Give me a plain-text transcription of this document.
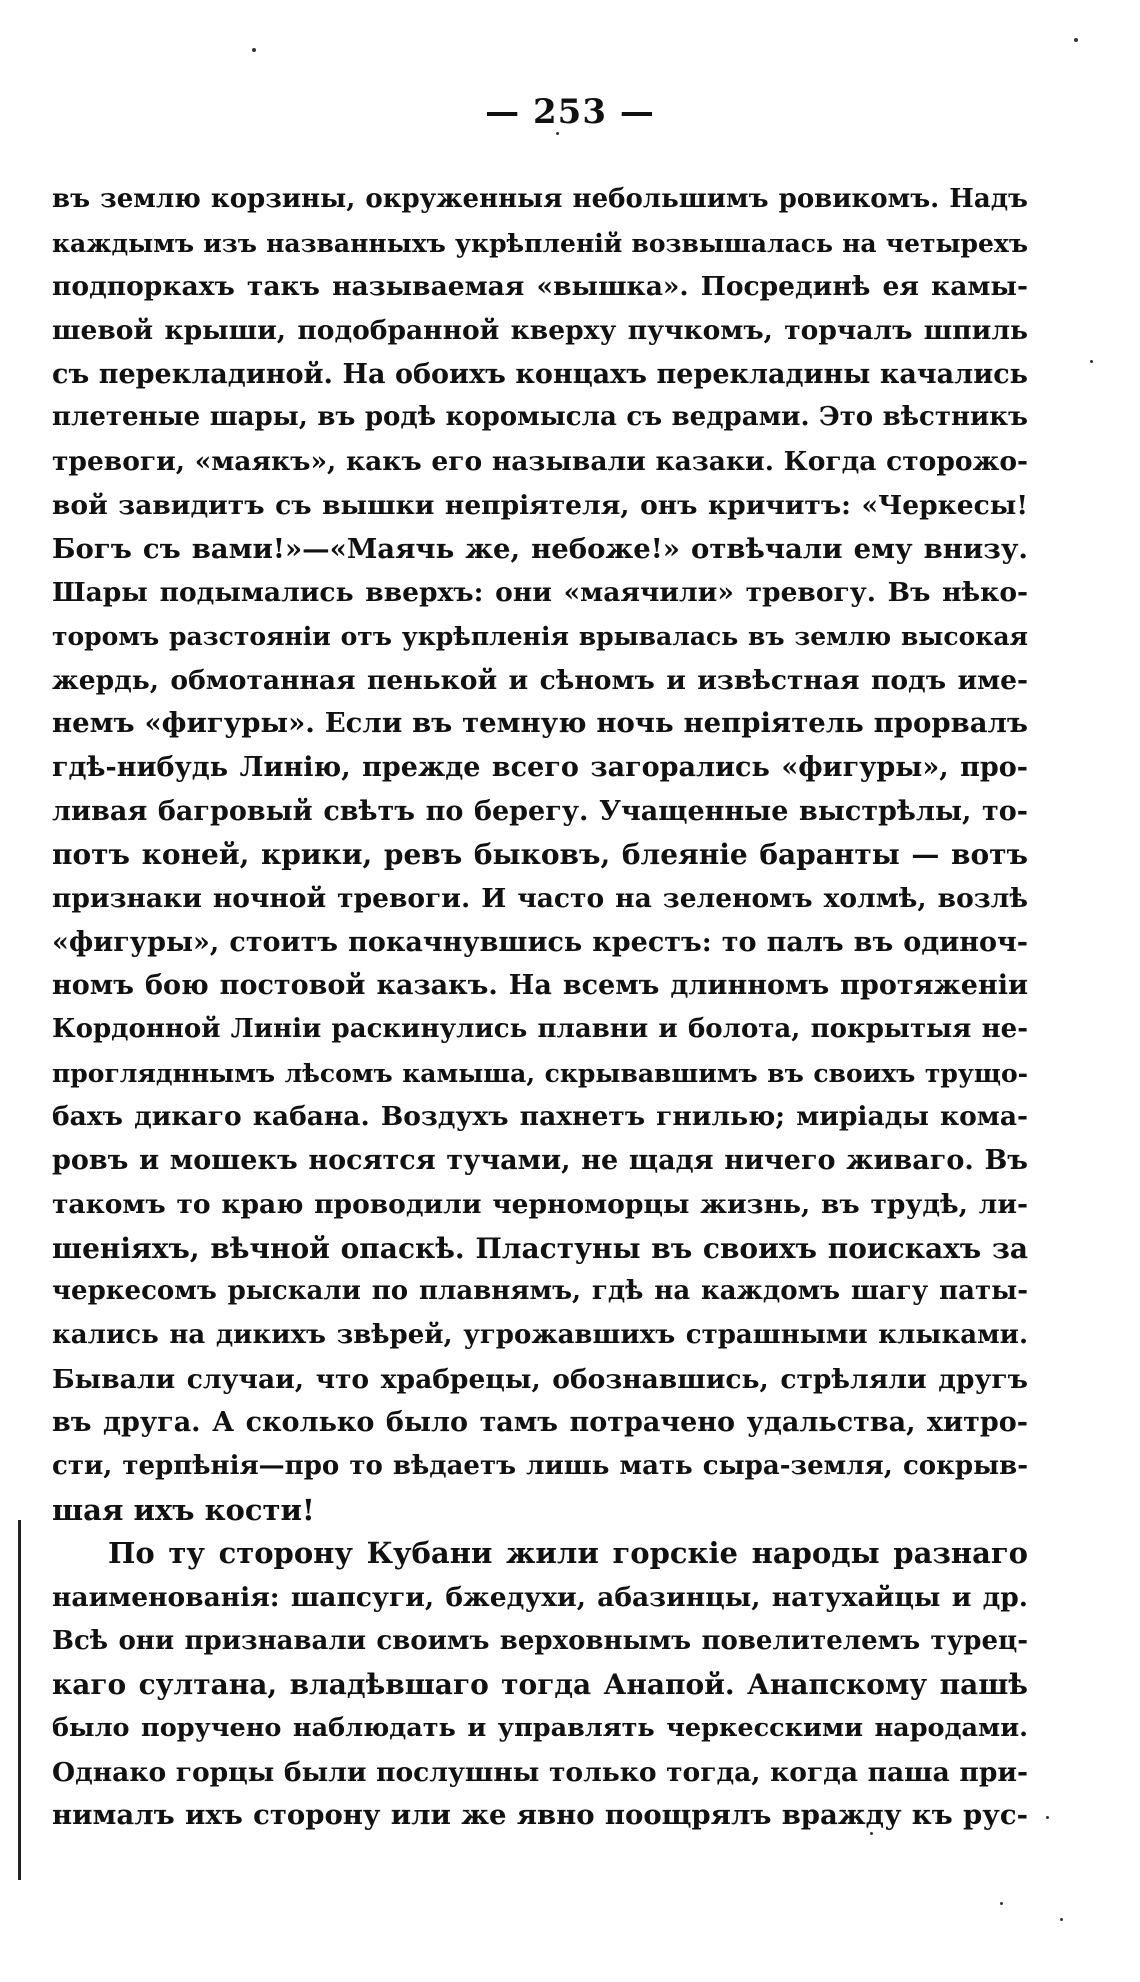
— 253 —
въ землю корзины, окруженныя небольшимъ ровикомъ. Надъ
каждымъ изъ названныхъ укрѣпленій возвышалась на четырехъ
подпоркахъ такъ называемая «вышка». Посрединѣ ея камы-
шевой крыши, подобранной кверху пучкомъ, торчалъ шпиль
съ перекладиной. На обоихъ концахъ перекладины качались
плетеные шары, въ родѣ коромысла съ ведрами. Это вѣстникъ
тревоги, «маякъ», какъ его называли казаки. Когда сторожо-
вой завидитъ съ вышки непріятеля, онъ кричитъ: «Черкесы!
Богъ съ вами!»—«Маячь же, небоже!» отвѣчали ему внизу.
Шары подымались вверхъ: они «маячили» тревогу. Въ нѣко-
торомъ разстояніи отъ укрѣпленія врывалась въ землю высокая
жердь, обмотанная пенькой и сѣномъ и извѣстная подъ име-
немъ «фигуры». Если въ темную ночь непріятель прорвалъ
гдѣ-нибудь Линію, прежде всего загорались «фигуры», про-
ливая багровый свѣтъ по берегу. Учащенные выстрѣлы, то-
потъ коней, крики, ревъ быковъ, блеяніе баранты — вотъ
признаки ночной тревоги. И часто на зеленомъ холмѣ, возлѣ
«фигуры», стоитъ покачнувшись крестъ: то палъ въ одиноч-
номъ бою постовой казакъ. На всемъ длинномъ протяженіи
Кордонной Линіи раскинулись плавни и болота, покрытыя не-
проглядннымъ лѣсомъ камыша, скрывавшимъ въ своихъ трущо-
бахъ дикаго кабана. Воздухъ пахнетъ гнилью; миріады кома-
ровъ и мошекъ носятся тучами, не щадя ничего живаго. Въ
такомъ то краю проводили черноморцы жизнь, въ трудѣ, ли-
шеніяхъ, вѣчной опаскѣ. Пластуны въ своихъ поискахъ за
черкесомъ рыскали по плавнямъ, гдѣ на каждомъ шагу паты-
кались на дикихъ звѣрей, угрожавшихъ страшными клыками.
Бывали случаи, что храбрецы, обознавшись, стрѣляли другъ
въ друга. А сколько было тамъ потрачено удальства, хитро-
сти, терпѣнія—про то вѣдаетъ лишь мать сыра-земля, сокрыв-
шая ихъ кости!
По ту сторону Кубани жили горскіе народы разнаго
наименованія: шапсуги, бжедухи, абазинцы, натухайцы и др.
Всѣ они признавали своимъ верховнымъ повелителемъ турец-
каго султана, владѣвшаго тогда Анапой. Анапскому пашѣ
было поручено наблюдать и управлять черкесскими народами.
Однако горцы были послушны только тогда, когда паша при-
нималъ ихъ сторону или же явно поощрялъ вражду къ рус-
